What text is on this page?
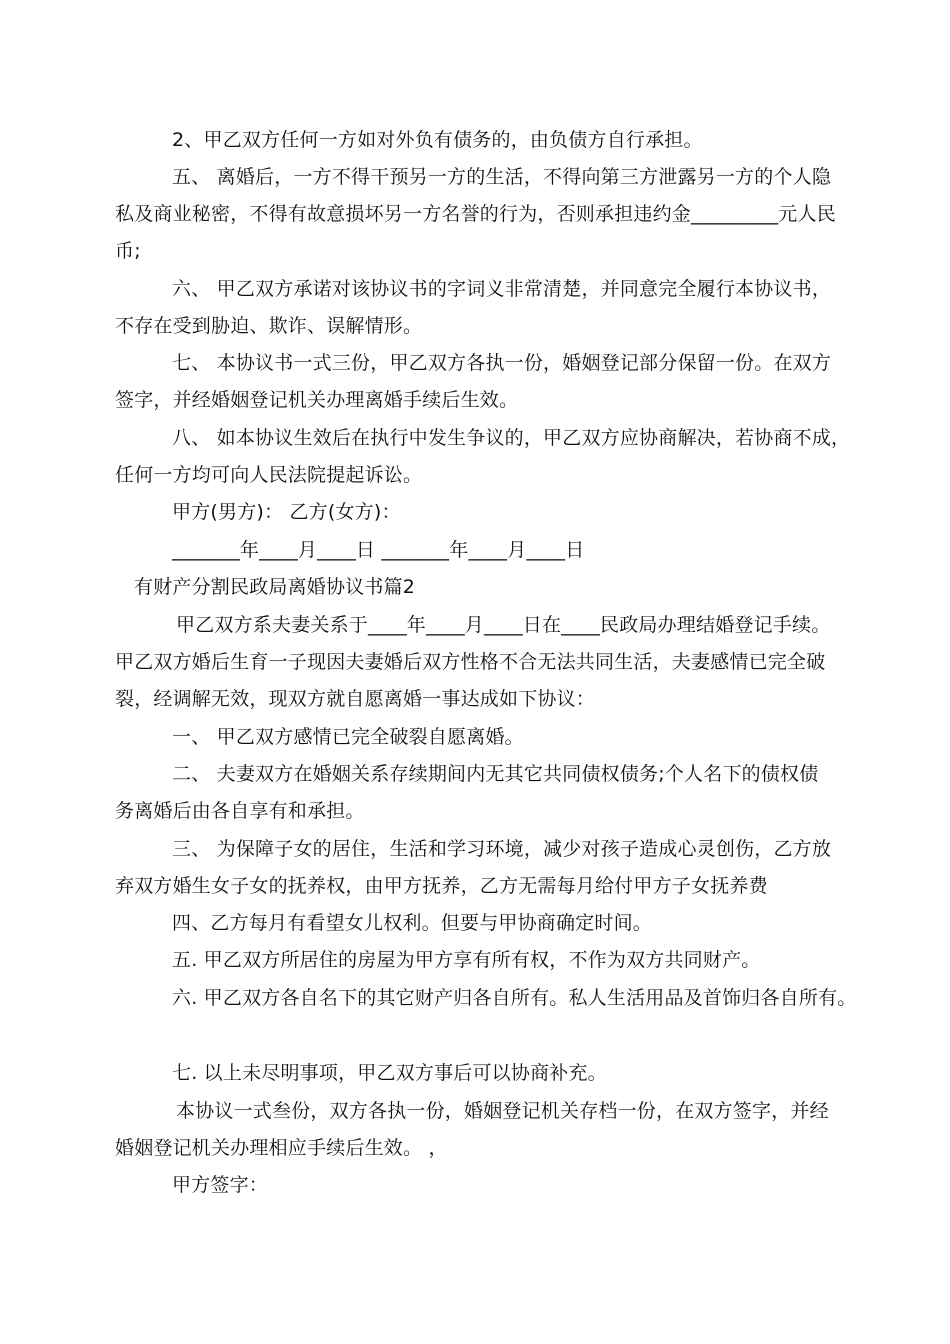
2、甲乙双方任何一方如对外负有债务的，由负债方自行承担。
五、 离婚后，一方不得干预另一方的生活，不得向第三方泄露另一方的个人隐
私及商业秘密，不得有故意损坏另一方名誉的行为，否则承担违约金_________元人民
币;
六、 甲乙双方承诺对该协议书的字词义非常清楚，并同意完全履行本协议书，
不存在受到胁迫、欺诈、误解情形。
七、 本协议书一式三份，甲乙双方各执一份，婚姻登记部分保留一份。在双方
签字，并经婚姻登记机关办理离婚手续后生效。
八、 如本协议生效后在执行中发生争议的，甲乙双方应协商解决，若协商不成，
任何一方均可向人民法院提起诉讼。
甲方(男方)： 乙方(女方)：
_______年____月____日 _______年____月____日
有财产分割民政局离婚协议书篇2
甲乙双方系夫妻关系于____年____月____日在____民政局办理结婚登记手续。
甲乙双方婚后生育一子现因夫妻婚后双方性格不合无法共同生活，夫妻感情已完全破
裂，经调解无效，现双方就自愿离婚一事达成如下协议：
一、 甲乙双方感情已完全破裂自愿离婚。
二、 夫妻双方在婚姻关系存续期间内无其它共同债权债务;个人名下的债权债
务离婚后由各自享有和承担。
三、 为保障子女的居住，生活和学习环境，减少对孩子造成心灵创伤，乙方放
弃双方婚生女子女的抚养权，由甲方抚养，乙方无需每月给付甲方子女抚养费
四、乙方每月有看望女儿权利。但要与甲协商确定时间。
五. 甲乙双方所居住的房屋为甲方享有所有权，不作为双方共同财产。
六. 甲乙双方各自名下的其它财产归各自所有。私人生活用品及首饰归各自所有。
七. 以上未尽明事项，甲乙双方事后可以协商补充。
本协议一式叁份，双方各执一份，婚姻登记机关存档一份，在双方签字，并经
婚姻登记机关办理相应手续后生效。 ，
甲方签字：
